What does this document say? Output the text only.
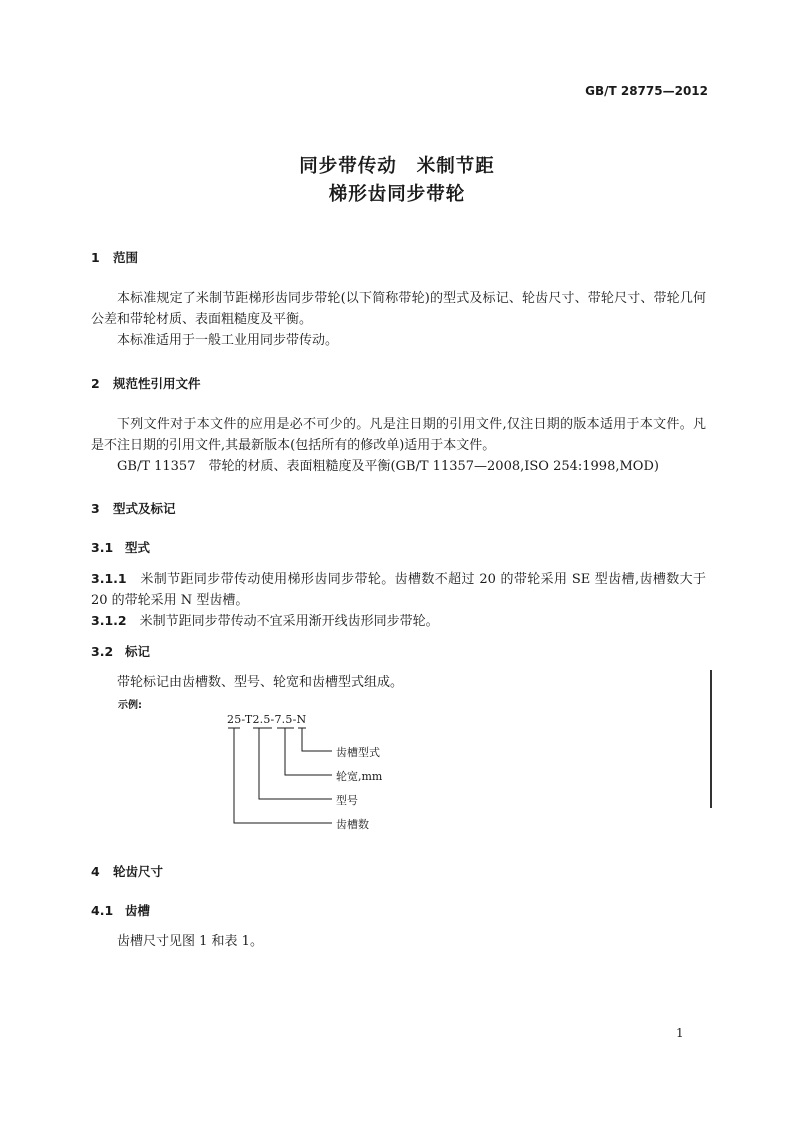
GB/T 28775—2012
同步带传动 米制节距
梯形齿同步带轮
1 范围
本标准规定了米制节距梯形齿同步带轮(以下简称带轮)的型式及标记、轮齿尺寸、带轮尺寸、带轮几何公差和带轮材质、表面粗糙度及平衡。
本标准适用于一般工业用同步带传动。
2 规范性引用文件
下列文件对于本文件的应用是必不可少的。凡是注日期的引用文件,仅注日期的版本适用于本文件。凡是不注日期的引用文件,其最新版本(包括所有的修改单)适用于本文件。
GB/T 11357　带轮的材质、表面粗糙度及平衡(GB/T 11357—2008,ISO 254:1998,MOD)
3 型式及标记
3.1 型式
3.1.1　 米制节距同步带传动使用梯形齿同步带轮。齿槽数不超过 20 的带轮采用 SE 型齿槽,齿槽数大于 20 的带轮采用 N 型齿槽。
3.1.2　 米制节距同步带传动不宜采用渐开线齿形同步带轮。
3.2 标记
带轮标记由齿槽数、型号、轮宽和齿槽型式组成。
示例:
25-T2.5-7.5-N
齿槽型式
轮宽,mm
型号
齿槽数
4 轮齿尺寸
4.1 齿槽
齿槽尺寸见图 1 和表 1。
1
